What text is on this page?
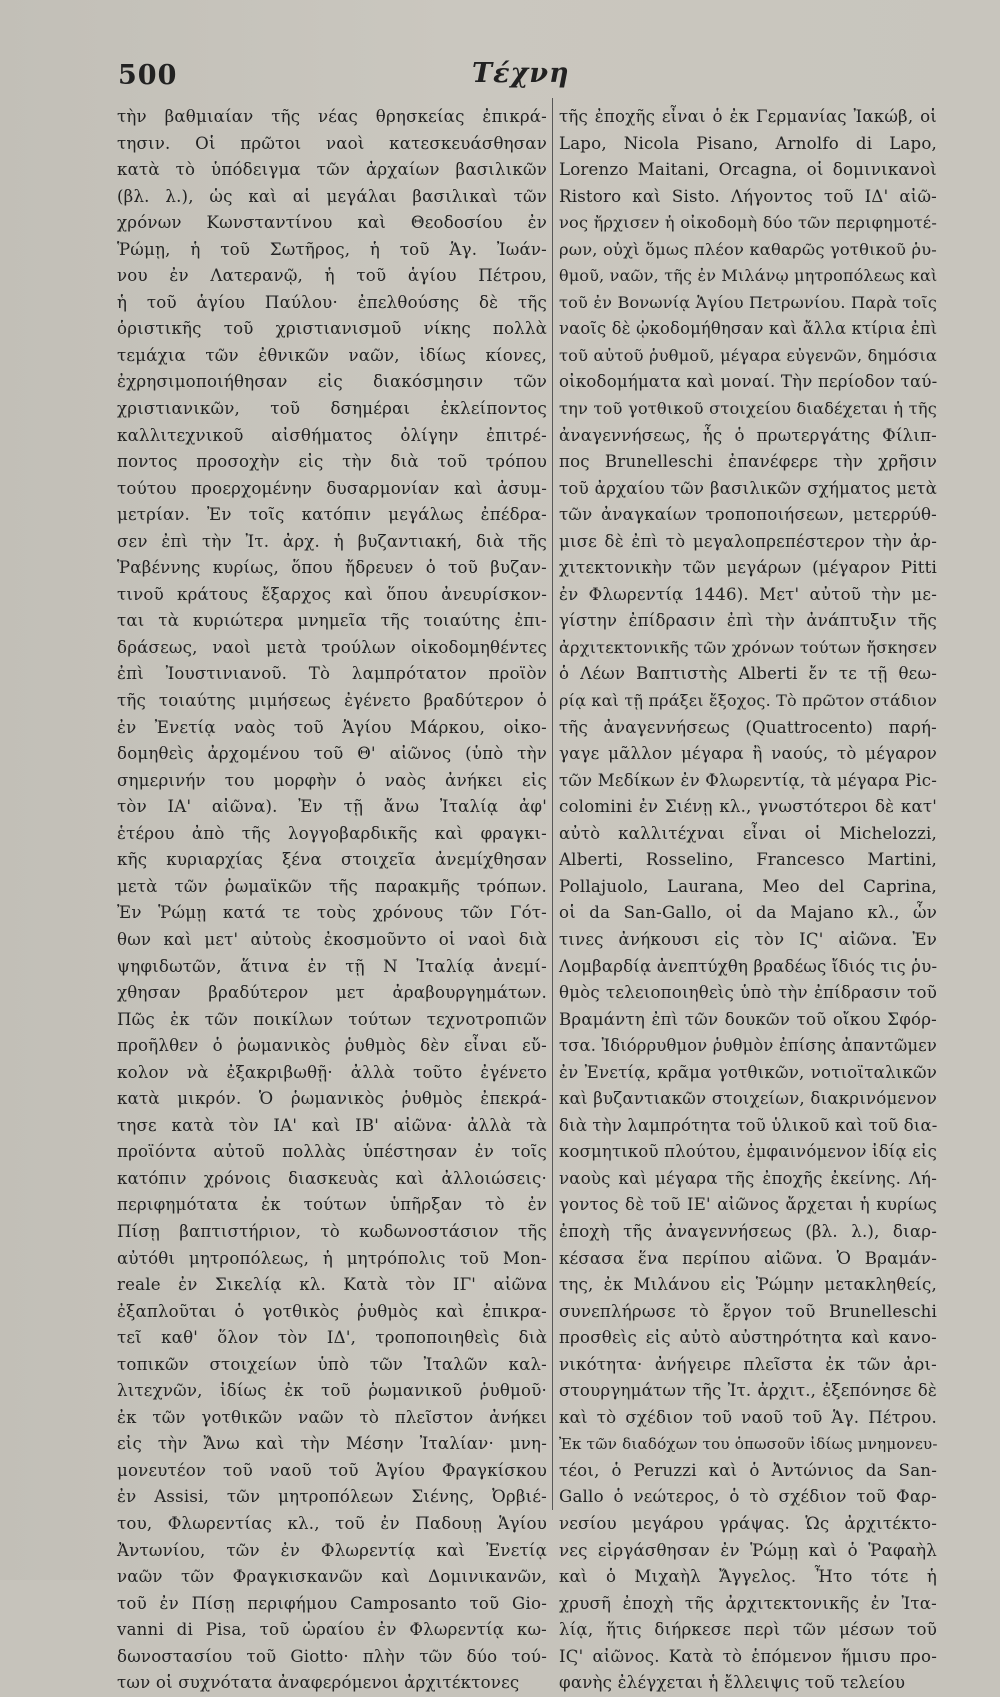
500	Τέχνη
τὴν βαθμιαίαν τῆς νέας θρησκείας ἐπικρά-
τησιν. Οἱ πρῶτοι ναοὶ κατεσκευάσθησαν
κατὰ τὸ ὑπόδειγμα τῶν ἀρχαίων βασιλικῶν
(βλ. λ.), ὡς καὶ αἱ μεγάλαι βασιλικαὶ τῶν
χρόνων Κωνσταντίνου καὶ Θεοδοσίου ἐν
Ῥώμῃ, ἡ τοῦ Σωτῆρος, ἡ τοῦ Ἁγ. Ἰωάν-
νου ἐν Λατερανῷ, ἡ τοῦ ἁγίου Πέτρου,
ἡ τοῦ ἁγίου Παύλου· ἐπελθούσης δὲ τῆς
ὁριστικῆς τοῦ χριστιανισμοῦ νίκης πολλὰ
τεμάχια τῶν ἐθνικῶν ναῶν, ἰδίως κίονες,
ἐχρησιμοποιήθησαν εἰς διακόσμησιν τῶν
χριστιανικῶν, τοῦ δσημέραι ἐκλείποντος
καλλιτεχνικοῦ αἰσθήματος ὀλίγην ἐπιτρέ-
ποντος προσοχὴν εἰς τὴν διὰ τοῦ τρόπου
τούτου προερχομένην δυσαρμονίαν καὶ ἀσυμ-
μετρίαν. Ἐν τοῖς κατόπιν μεγάλως ἐπέδρα-
σεν ἐπὶ τὴν Ἰτ. ἀρχ. ἡ βυζαντιακή, διὰ τῆς
Ῥαβέννης κυρίως, ὅπου ἤδρευεν ὁ τοῦ βυζαν-
τινοῦ κράτους ἔξαρχος καὶ ὅπου ἀνευρίσκον-
ται τὰ κυριώτερα μνημεῖα τῆς τοιαύτης ἐπι-
δράσεως, ναοὶ μετὰ τρούλων οἰκοδομηθέντες
ἐπὶ Ἰουστινιανοῦ. Τὸ λαμπρότατον προϊὸν
τῆς τοιαύτης μιμήσεως ἐγένετο βραδύτερον ὁ
ἐν Ἐνετίᾳ ναὸς τοῦ Ἁγίου Μάρκου, οἰκο-
δομηθεὶς ἀρχομένου τοῦ Θ' αἰῶνος (ὑπὸ τὴν
σημερινήν του μορφὴν ὁ ναὸς ἀνήκει εἰς
τὸν ΙΑ' αἰῶνα). Ἐν τῇ ἄνω Ἰταλίᾳ ἀφ'
ἑτέρου ἀπὸ τῆς λογγοβαρδικῆς καὶ φραγκι-
κῆς κυριαρχίας ξένα στοιχεῖα ἀνεμίχθησαν
μετὰ τῶν ῥωμαϊκῶν τῆς παρακμῆς τρόπων.
Ἐν Ῥώμῃ κατά τε τοὺς χρόνους τῶν Γότ-
θων καὶ μετ' αὐτοὺς ἐκοσμοῦντο οἱ ναοὶ διὰ
ψηφιδωτῶν, ἅτινα ἐν τῇ Ν Ἰταλίᾳ ἀνεμί-
χθησαν βραδύτερον μετ ἀραβουργημάτων.
Πῶς ἐκ τῶν ποικίλων τούτων τεχνοτροπιῶν
προῆλθεν ὁ ῥωμανικὸς ῥυθμὸς δὲν εἶναι εὔ-
κολον νὰ ἐξακριβωθῇ· ἀλλὰ τοῦτο ἐγένετο
κατὰ μικρόν. Ὁ ῥωμανικὸς ῥυθμὸς ἐπεκρά-
τησε κατὰ τὸν ΙΑ' καὶ ΙΒ' αἰῶνα· ἀλλὰ τὰ
προϊόντα αὐτοῦ πολλὰς ὑπέστησαν ἐν τοῖς
κατόπιν χρόνοις διασκευὰς καὶ ἀλλοιώσεις·
περιφημότατα ἐκ τούτων ὑπῆρξαν τὸ ἐν
Πίσῃ βαπτιστήριον, τὸ κωδωνοστάσιον τῆς
αὐτόθι μητροπόλεως, ἡ μητρόπολις τοῦ Mon-
reale ἐν Σικελίᾳ κλ. Κατὰ τὸν ΙΓ' αἰῶνα
ἐξαπλοῦται ὁ γοτθικὸς ῥυθμὸς καὶ ἐπικρα-
τεῖ καθ' ὅλον τὸν ΙΔ', τροποποιηθεὶς διὰ
τοπικῶν στοιχείων ὑπὸ τῶν Ἰταλῶν καλ-
λιτεχνῶν, ἰδίως ἐκ τοῦ ῥωμανικοῦ ῥυθμοῦ·
ἐκ τῶν γοτθικῶν ναῶν τὸ πλεῖστον ἀνήκει
εἰς τὴν Ἄνω καὶ τὴν Μέσην Ἰταλίαν· μνη-
μονευτέον τοῦ ναοῦ τοῦ Ἁγίου Φραγκίσκου
ἐν Assisi, τῶν μητροπόλεων Σιένης, Ὀρβιέ-
του, Φλωρεντίας κλ., τοῦ ἐν Παδουῃ Ἁγίου
Ἀντωνίου, τῶν ἐν Φλωρεντίᾳ καὶ Ἐνετίᾳ
ναῶν τῶν Φραγκισκανῶν καὶ Δομινικανῶν,
τοῦ ἐν Πίσῃ περιφήμου Camposanto τοῦ Gio-
vanni di Pisa, τοῦ ὡραίου ἐν Φλωρεντίᾳ κω-
δωνοστασίου τοῦ Giotto· πλὴν τῶν δύο τού-
των οἱ συχνότατα ἀναφερόμενοι ἀρχιτέκτονες
τῆς ἐποχῆς εἶναι ὁ ἐκ Γερμανίας Ἰακώβ, οἱ
Lapo, Nicola Pisano, Arnolfo di Lapo,
Lorenzo Maitani, Orcagna, οἱ δομινικανοὶ
Ristoro καὶ Sisto. Λήγοντος τοῦ ΙΔ' αἰῶ-
νος ἤρχισεν ἡ οἰκοδομὴ δύο τῶν περιφημοτέ-
ρων, οὐχὶ ὅμως πλέον καθαρῶς γοτθικοῦ ῥυ-
θμοῦ, ναῶν, τῆς ἐν Μιλάνῳ μητροπόλεως καὶ
τοῦ ἐν Βονωνίᾳ Ἁγίου Πετρωνίου. Παρὰ τοῖς
ναοῖς δὲ ᾠκοδομήθησαν καὶ ἄλλα κτίρια ἐπὶ
τοῦ αὐτοῦ ῥυθμοῦ, μέγαρα εὐγενῶν, δημόσια
οἰκοδομήματα καὶ μοναί. Τὴν περίοδον ταύ-
την τοῦ γοτθικοῦ στοιχείου διαδέχεται ἡ τῆς
ἀναγεννήσεως, ἧς ὁ πρωτεργάτης Φίλιπ-
πος Brunelleschi ἐπανέφερε τὴν χρῆσιν
τοῦ ἀρχαίου τῶν βασιλικῶν σχήματος μετὰ
τῶν ἀναγκαίων τροποποιήσεων, μετερρύθ-
μισε δὲ ἐπὶ τὸ μεγαλοπρεπέστερον τὴν ἀρ-
χιτεκτονικὴν τῶν μεγάρων (μέγαρον Pitti
ἐν Φλωρεντίᾳ 1446). Μετ' αὐτοῦ τὴν με-
γίστην ἐπίδρασιν ἐπὶ τὴν ἀνάπτυξιν τῆς
ἀρχιτεκτονικῆς τῶν χρόνων τούτων ἤσκησεν
ὁ Λέων Βαπτιστὴς Alberti ἔν τε τῇ θεω-
ρίᾳ καὶ τῇ πράξει ἔξοχος. Τὸ πρῶτον στάδιον
τῆς ἀναγεννήσεως (Quattrocento) παρή-
γαγε μᾶλλον μέγαρα ἢ ναούς, τὸ μέγαρον
τῶν Μεδίκων ἐν Φλωρεντίᾳ, τὰ μέγαρα Pic-
colomini ἐν Σιένῃ κλ., γνωστότεροι δὲ κατ'
αὐτὸ καλλιτέχναι εἶναι οἱ Michelozzi,
Alberti, Rosselino, Francesco Martini,
Pollajuolo, Laurana, Meo del Caprina,
οἱ da San-Gallo, οἱ da Majano κλ., ὧν
τινες ἀνήκουσι εἰς τὸν ΙϚ' αἰῶνα. Ἐν
Λομβαρδίᾳ ἀνεπτύχθη βραδέως ἴδιός τις ῥυ-
θμὸς τελειοποιηθεὶς ὑπὸ τὴν ἐπίδρασιν τοῦ
Βραμάντη ἐπὶ τῶν δουκῶν τοῦ οἴκου Σφόρ-
τσα. Ἰδιόρρυθμον ῥυθμὸν ἐπίσης ἀπαντῶμεν
ἐν Ἐνετίᾳ, κρᾶμα γοτθικῶν, νοτιοϊταλικῶν
καὶ βυζαντιακῶν στοιχείων, διακρινόμενον
διὰ τὴν λαμπρότητα τοῦ ὑλικοῦ καὶ τοῦ δια-
κοσμητικοῦ πλούτου, ἐμφαινόμενον ἰδίᾳ εἰς
ναοὺς καὶ μέγαρα τῆς ἐποχῆς ἐκείνης. Λή-
γοντος δὲ τοῦ ΙΕ' αἰῶνος ἄρχεται ἡ κυρίως
ἐποχὴ τῆς ἀναγεννήσεως (βλ. λ.), διαρ-
κέσασα ἕνα περίπου αἰῶνα. Ὁ Βραμάν-
της, ἐκ Μιλάνου εἰς Ῥώμην μετακληθείς,
συνεπλήρωσε τὸ ἔργον τοῦ Brunelleschi
προσθεὶς εἰς αὐτὸ αὐστηρότητα καὶ κανο-
νικότητα· ἀνήγειρε πλεῖστα ἐκ τῶν ἀρι-
στουργημάτων τῆς Ἰτ. ἀρχιτ., ἐξεπόνησε δὲ
καὶ τὸ σχέδιον τοῦ ναοῦ τοῦ Ἁγ. Πέτρου.
Ἐκ τῶν διαδόχων του ὁπωσοῦν ἰδίως μνημονευ-
τέοι, ὁ Peruzzi καὶ ὁ Ἀντώνιος da San-
Gallo ὁ νεώτερος, ὁ τὸ σχέδιον τοῦ Φαρ-
νεσίου μεγάρου γράψας. Ὡς ἀρχιτέκτο-
νες εἰργάσθησαν ἐν Ῥώμῃ καὶ ὁ Ῥαφαὴλ
καὶ ὁ Μιχαὴλ Ἄγγελος. Ἦτο τότε ἡ
χρυσῆ ἐποχὴ τῆς ἀρχιτεκτονικῆς ἐν Ἰτα-
λίᾳ, ἥτις διήρκεσε περὶ τῶν μέσων τοῦ
ΙϚ' αἰῶνος. Κατὰ τὸ ἑπόμενον ἥμισυ προ-
φανὴς ἐλέγχεται ἡ ἔλλειψις τοῦ τελείου
